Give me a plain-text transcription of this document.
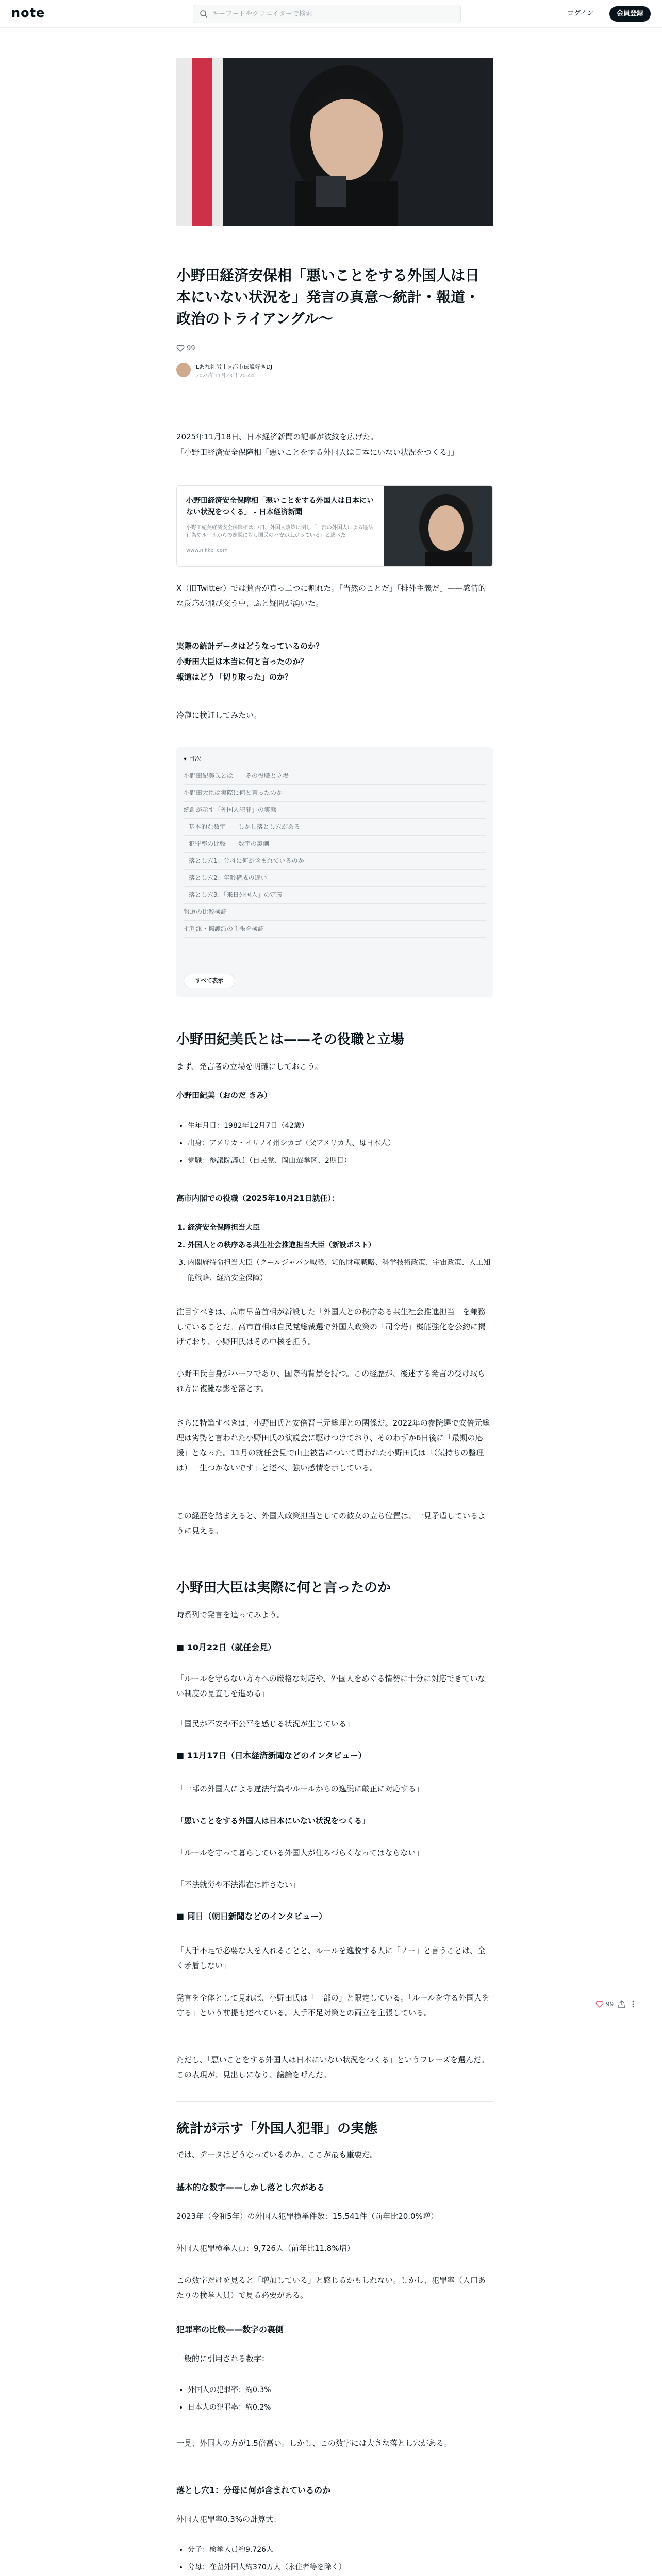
note
キーワードやクリエイターで検索	ログイン	会員登録
小野田経済安保相「悪いことをする外国人は日本にいない状況を」発言の真意〜統計・報道・政治のトライアングル〜
99
Lあな社労士×都市伝説好きDJ
2025年11月23日 20:44
2025年11月18日、日本経済新聞の記事が波紋を広げた。
「小野田経済安全保障相「悪いことをする外国人は日本にいない状況をつくる」」
小野田経済安全保障相「悪いことをする外国人は日本にいない状況をつくる」 - 日本経済新聞
小野田紀美経済安全保障相は17日、外国人政策に関し「一部の外国人による違法行為やルールからの逸脱に対し国民の不安が広がっている」と述べた。
www.nikkei.com
X（旧Twitter）では賛否が真っ二つに割れた。「当然のことだ」「排外主義だ」——感情的な反応が飛び交う中、ふと疑問が湧いた。
実際の統計データはどうなっているのか？
小野田大臣は本当に何と言ったのか？
報道はどう「切り取った」のか？
冷静に検証してみたい。
▾ 目次
小野田紀美氏とは——その役職と立場
小野田大臣は実際に何と言ったのか
統計が示す「外国人犯罪」の実態
基本的な数字——しかし落とし穴がある
犯罪率の比較——数字の裏側
落とし穴1：分母に何が含まれているのか
落とし穴2：年齢構成の違い
落とし穴3：「来日外国人」の定義
報道の比較検証
批判派・擁護派の主張を検証
すべて表示
小野田紀美氏とは——その役職と立場
まず、発言者の立場を明確にしておこう。
小野田紀美（おのだ きみ）
• 生年月日：1982年12月7日（42歳）
• 出身：アメリカ・イリノイ州シカゴ（父アメリカ人、母日本人）
• 党職：参議院議員（自民党、岡山選挙区、2期目）
高市内閣での役職（2025年10月21日就任）：
1. 経済安全保障担当大臣
2. 外国人との秩序ある共生社会推進担当大臣（新設ポスト）
3. 内閣府特命担当大臣（クールジャパン戦略、知的財産戦略、科学技術政策、宇宙政策、人工知能戦略、経済安全保障）
注目すべきは、高市早苗首相が新設した「外国人との秩序ある共生社会推進担当」を兼務していることだ。高市首相は自民党総裁選で外国人政策の「司令塔」機能強化を公約に掲げており、小野田氏はその中核を担う。
小野田氏自身がハーフであり、国際的背景を持つ。この経歴が、後述する発言の受け取られ方に複雑な影を落とす。
さらに特筆すべきは、小野田氏と安倍晋三元総理との関係だ。2022年の参院選で安倍元総理は劣勢と言われた小野田氏の演説会に駆けつけており、そのわずか6日後に「最期の応援」となった。11月の就任会見で山上被告について問われた小野田氏は「（気持ちの整理は）一生つかないです」と述べ、強い感情を示している。
この経歴を踏まえると、外国人政策担当としての彼女の立ち位置は、一見矛盾しているように見える。
小野田大臣は実際に何と言ったのか
時系列で発言を追ってみよう。
■ 10月22日（就任会見）
「ルールを守らない方々への厳格な対応や、外国人をめぐる情勢に十分に対応できていない制度の見直しを進める」
「国民が不安や不公平を感じる状況が生じている」
■ 11月17日（日本経済新聞などのインタビュー）
「一部の外国人による違法行為やルールからの逸脱に厳正に対応する」
「悪いことをする外国人は日本にいない状況をつくる」
「ルールを守って暮らしている外国人が住みづらくなってはならない」
「不法就労や不法滞在は許さない」
■ 同日（朝日新聞などのインタビュー）
「人手不足で必要な人を入れることと、ルールを逸脱する人に「ノー」と言うことは、全く矛盾しない」
発言を全体として見れば、小野田氏は「一部の」と限定している。「ルールを守る外国人を守る」という前提も述べている。人手不足対策との両立を主張している。
ただし、「悪いことをする外国人は日本にいない状況をつくる」というフレーズを選んだ。この表現が、見出しになり、議論を呼んだ。
統計が示す「外国人犯罪」の実態
では、データはどうなっているのか。ここが最も重要だ。
基本的な数字——しかし落とし穴がある
2023年（令和5年）の外国人犯罪検挙件数：15,541件（前年比20.0%増）
外国人犯罪検挙人員：9,726人（前年比11.8%増）
この数字だけを見ると「増加している」と感じるかもしれない。しかし、犯罪率（人口あたりの検挙人員）で見る必要がある。
犯罪率の比較——数字の裏側
一般的に引用される数字：
• 外国人の犯罪率：約0.3%
• 日本人の犯罪率：約0.2%
一見、外国人の方が1.5倍高い。しかし、この数字には大きな落とし穴がある。
落とし穴1：分母に何が含まれているのか
外国人犯罪率0.3%の計算式：
• 分子：検挙人員約9,726人
• 分母：在留外国人約370万人（永住者等を除く）
99
